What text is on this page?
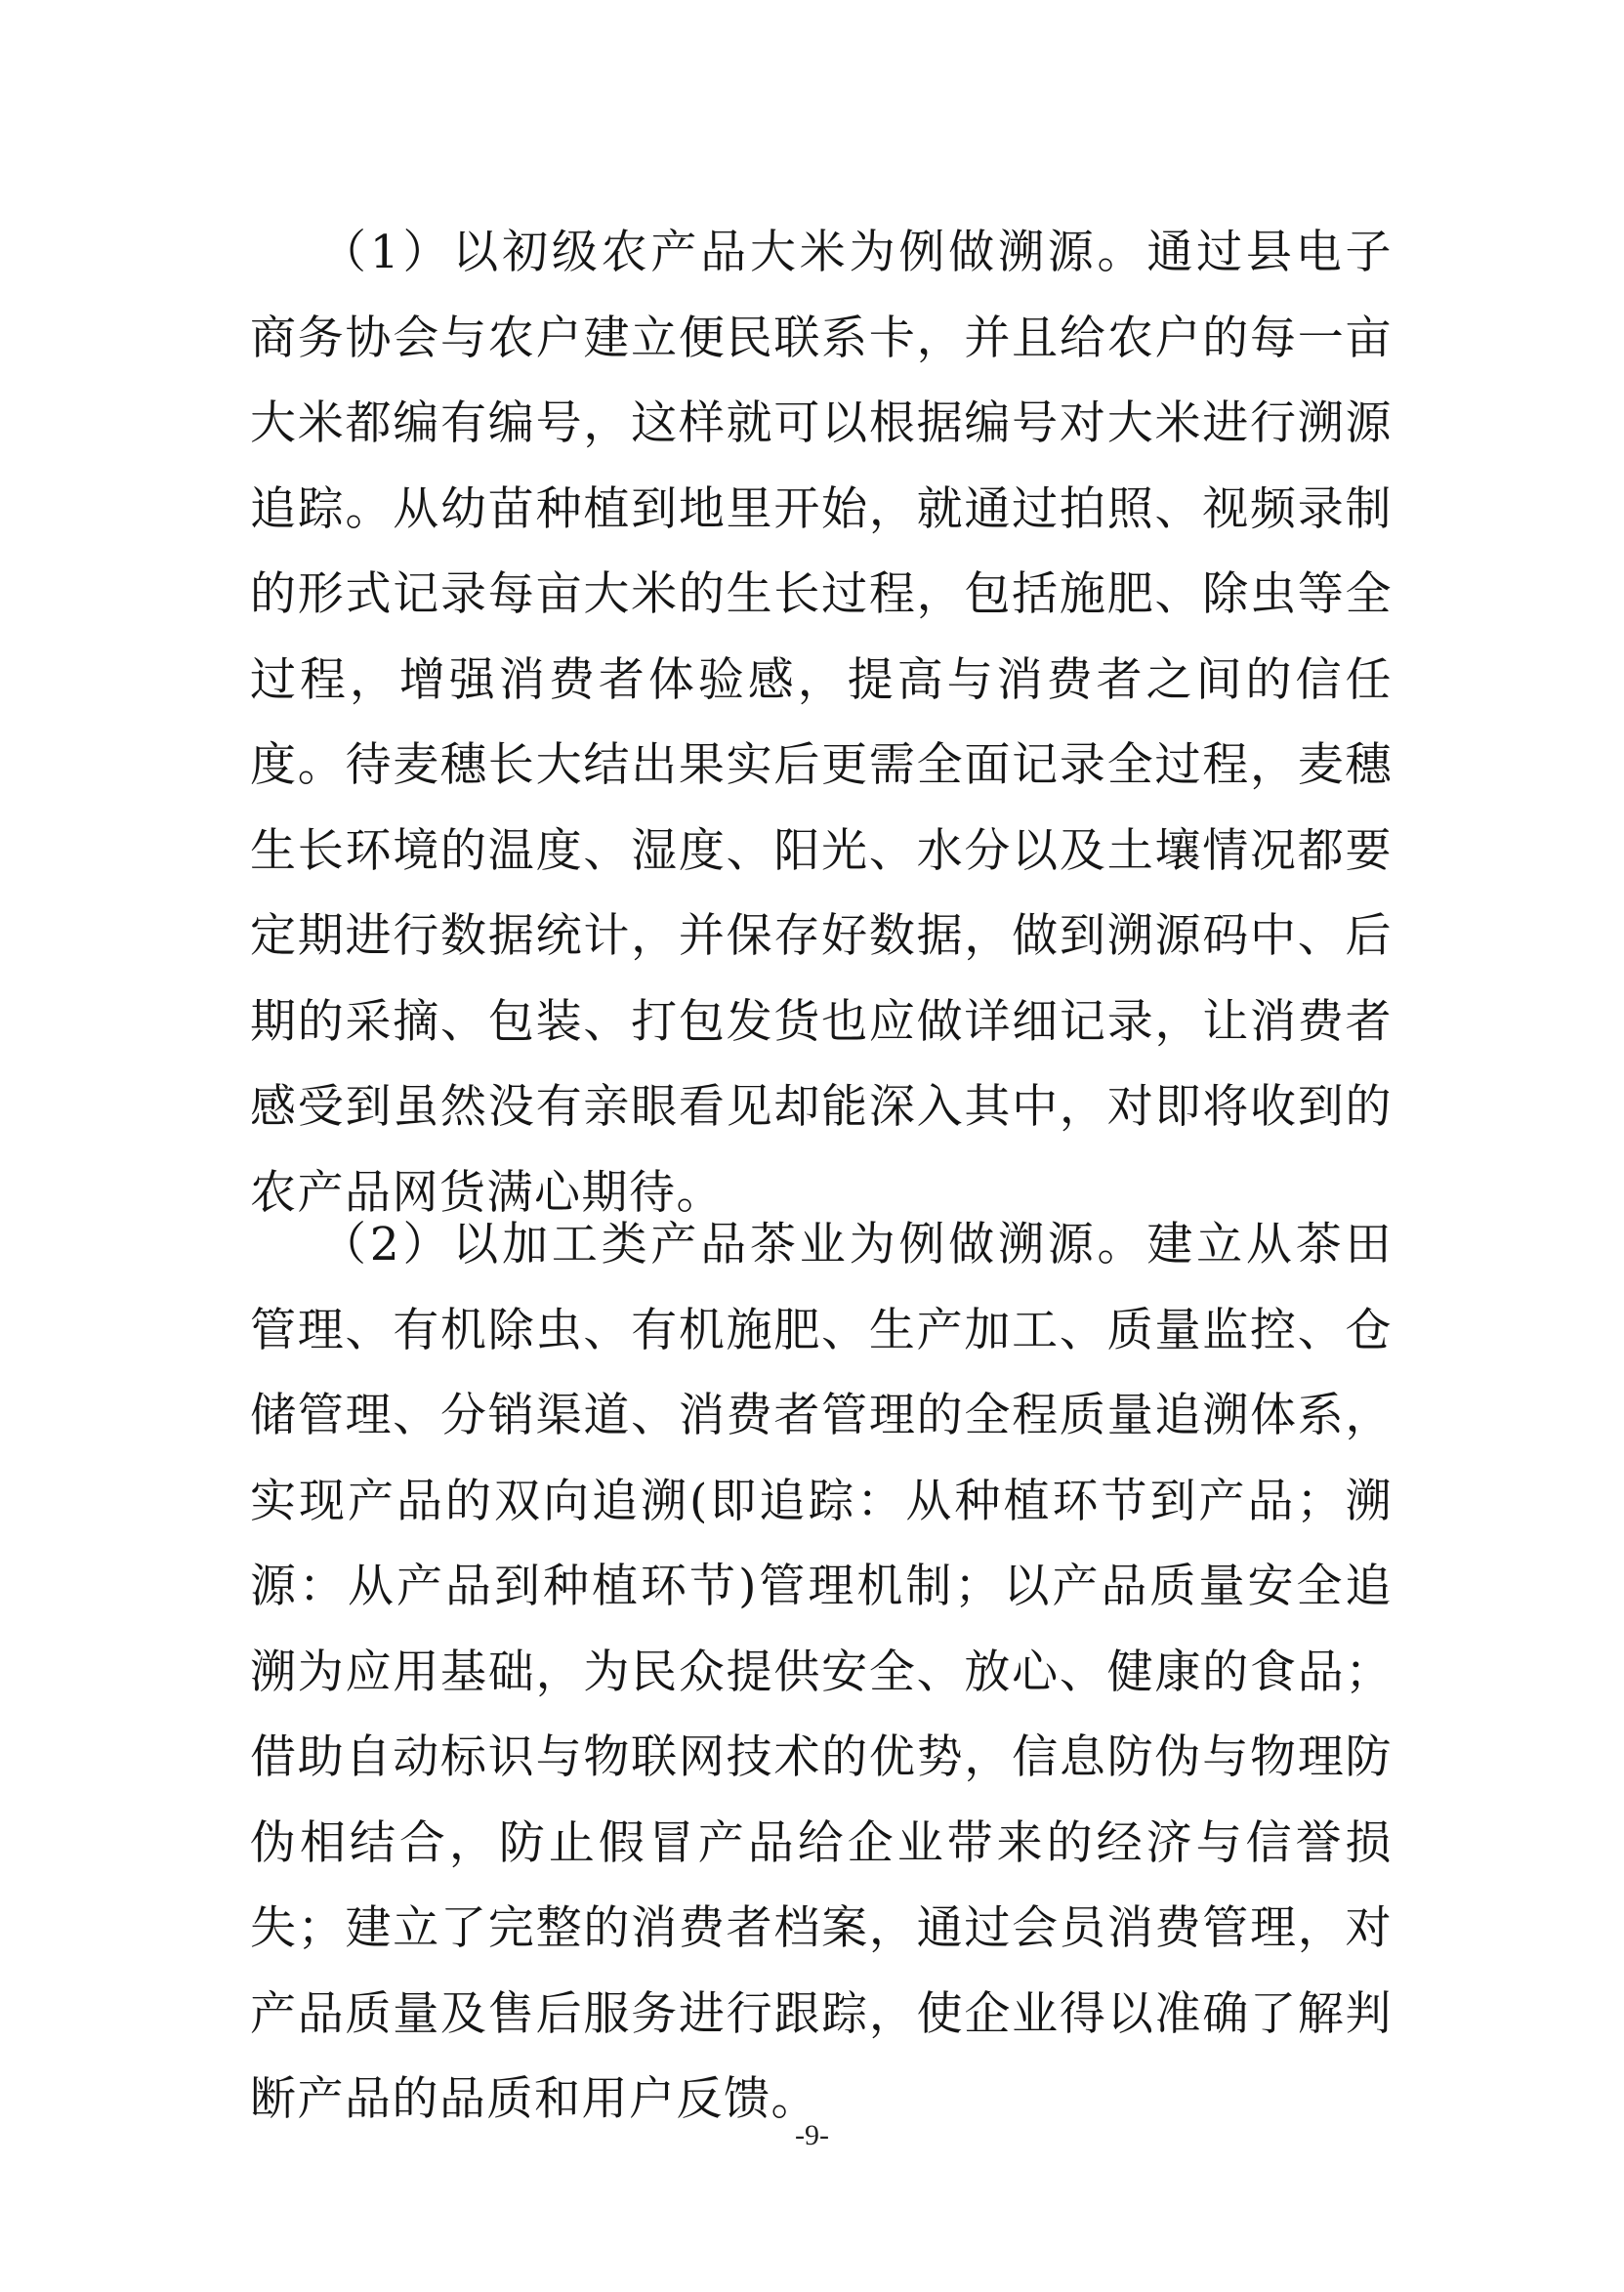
（1）以初级农产品大米为例做溯源。通过县电子商务协会与农户建立便民联系卡，并且给农户的每一亩大米都编有编号，这样就可以根据编号对大米进行溯源追踪。从幼苗种植到地里开始，就通过拍照、视频录制的形式记录每亩大米的生长过程，包括施肥、除虫等全过程，增强消费者体验感，提高与消费者之间的信任度。待麦穗长大结出果实后更需全面记录全过程，麦穗生长环境的温度、湿度、阳光、水分以及土壤情况都要定期进行数据统计，并保存好数据，做到溯源码中、后期的采摘、包装、打包发货也应做详细记录，让消费者感受到虽然没有亲眼看见却能深入其中，对即将收到的农产品网货满心期待。

（2）以加工类产品茶业为例做溯源。建立从茶田管理、有机除虫、有机施肥、生产加工、质量监控、仓储管理、分销渠道、消费者管理的全程质量追溯体系，实现产品的双向追溯(即追踪：从种植环节到产品；溯源：从产品到种植环节)管理机制；以产品质量安全追溯为应用基础，为民众提供安全、放心、健康的食品；借助自动标识与物联网技术的优势，信息防伪与物理防伪相结合，防止假冒产品给企业带来的经济与信誉损失；建立了完整的消费者档案，通过会员消费管理，对产品质量及售后服务进行跟踪，使企业得以准确了解判断产品的品质和用户反馈。

-9-
